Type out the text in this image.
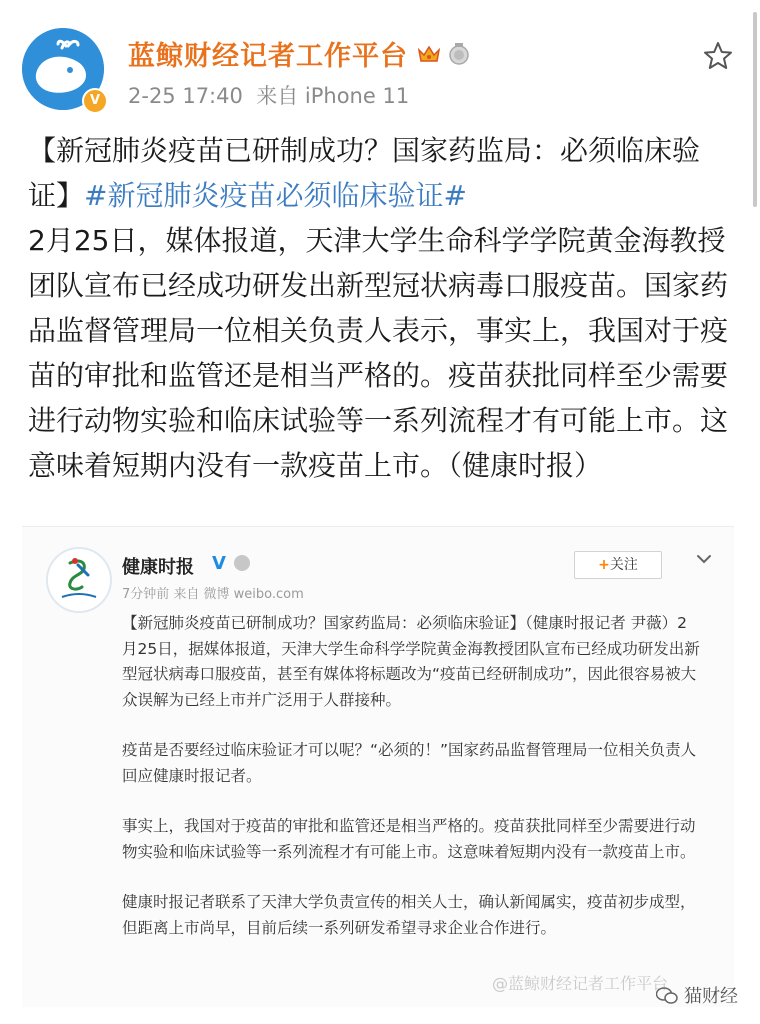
V
蓝鲸财经记者工作平台
2-25 17:40 来自 iPhone 11

【新冠肺炎疫苗已研制成功？国家药监局：必须临床验证】#新冠肺炎疫苗必须临床验证#

2月25日，媒体报道，天津大学生命科学学院黄金海教授团队宣布已经成功研发出新型冠状病毒口服疫苗。国家药品监督管理局一位相关负责人表示，事实上，我国对于疫苗的审批和监管还是相当严格的。疫苗获批同样至少需要进行动物实验和临床试验等一系列流程才有可能上市。这意味着短期内没有一款疫苗上市。（健康时报）

健康时报 V
7分钟前 来自 微博 weibo.com
+关注

【新冠肺炎疫苗已研制成功？国家药监局：必须临床验证】（健康时报记者 尹薇）2月25日，据媒体报道，天津大学生命科学学院黄金海教授团队宣布已经成功研发出新型冠状病毒口服疫苗，甚至有媒体将标题改为“疫苗已经研制成功”，因此很容易被大众误解为已经上市并广泛用于人群接种。

疫苗是否要经过临床验证才可以呢？“必须的！”国家药品监督管理局一位相关负责人回应健康时报记者。

事实上，我国对于疫苗的审批和监管还是相当严格的。疫苗获批同样至少需要进行动物实验和临床试验等一系列流程才有可能上市。这意味着短期内没有一款疫苗上市。

健康时报记者联系了天津大学负责宣传的相关人士，确认新闻属实，疫苗初步成型，但距离上市尚早，目前后续一系列研发希望寻求企业合作进行。

@蓝鲸财经记者工作平台
猫财经
